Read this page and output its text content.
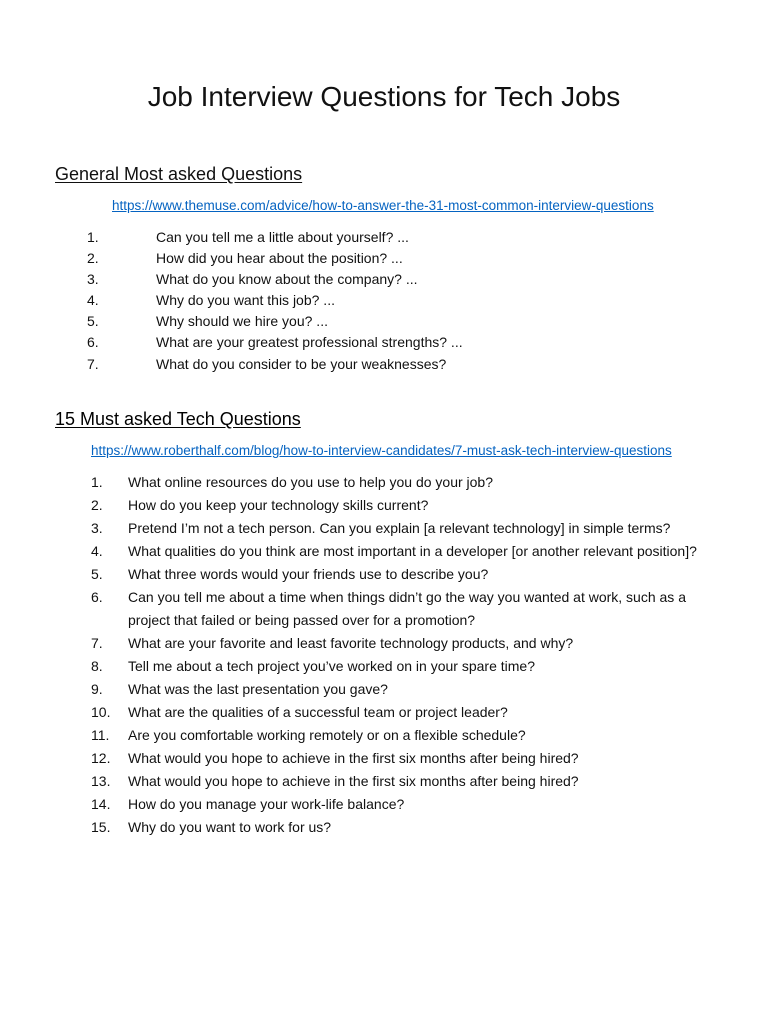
Job Interview Questions for Tech Jobs
General Most asked Questions
https://www.themuse.com/advice/how-to-answer-the-31-most-common-interview-questions
1.	Can you tell me a little about yourself? ...
2.	How did you hear about the position? ...
3.	What do you know about the company? ...
4.	Why do you want this job? ...
5.	Why should we hire you? ...
6.	What are your greatest professional strengths? ...
7.	What do you consider to be your weaknesses?
15 Must asked Tech Questions
https://www.roberthalf.com/blog/how-to-interview-candidates/7-must-ask-tech-interview-questions
1.	What online resources do you use to help you do your job?
2.	How do you keep your technology skills current?
3.	Pretend I’m not a tech person. Can you explain [a relevant technology] in simple terms?
4.	What qualities do you think are most important in a developer [or another relevant position]?
5.	What three words would your friends use to describe you?
6.	Can you tell me about a time when things didn’t go the way you wanted at work, such as a project that failed or being passed over for a promotion?
7.	What are your favorite and least favorite technology products, and why?
8.	Tell me about a tech project you’ve worked on in your spare time?
9.	What was the last presentation you gave?
10.	What are the qualities of a successful team or project leader?
11.	Are you comfortable working remotely or on a flexible schedule?
12.	What would you hope to achieve in the first six months after being hired?
13.	What would you hope to achieve in the first six months after being hired?
14.	How do you manage your work-life balance?
15.	Why do you want to work for us?
